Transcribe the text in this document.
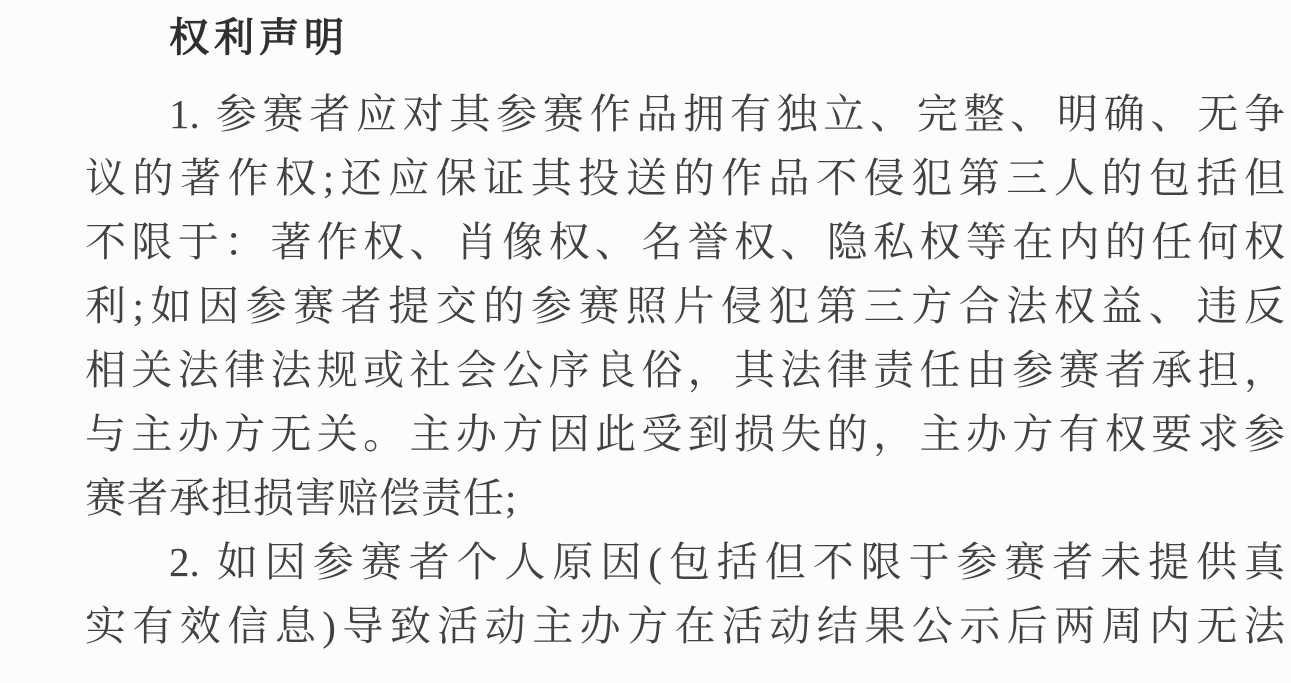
权利声明
1. 参赛者应对其参赛作品拥有独立、完整、明确、无争
议的著作权;还应保证其投送的作品不侵犯第三人的包括但
不限于：著作权、肖像权、名誉权、隐私权等在内的任何权
利;如因参赛者提交的参赛照片侵犯第三方合法权益、违反
相关法律法规或社会公序良俗，其法律责任由参赛者承担，
与主办方无关。主办方因此受到损失的，主办方有权要求参
赛者承担损害赔偿责任;
2. 如因参赛者个人原因(包括但不限于参赛者未提供真
实有效信息)导致活动主办方在活动结果公示后两周内无法
